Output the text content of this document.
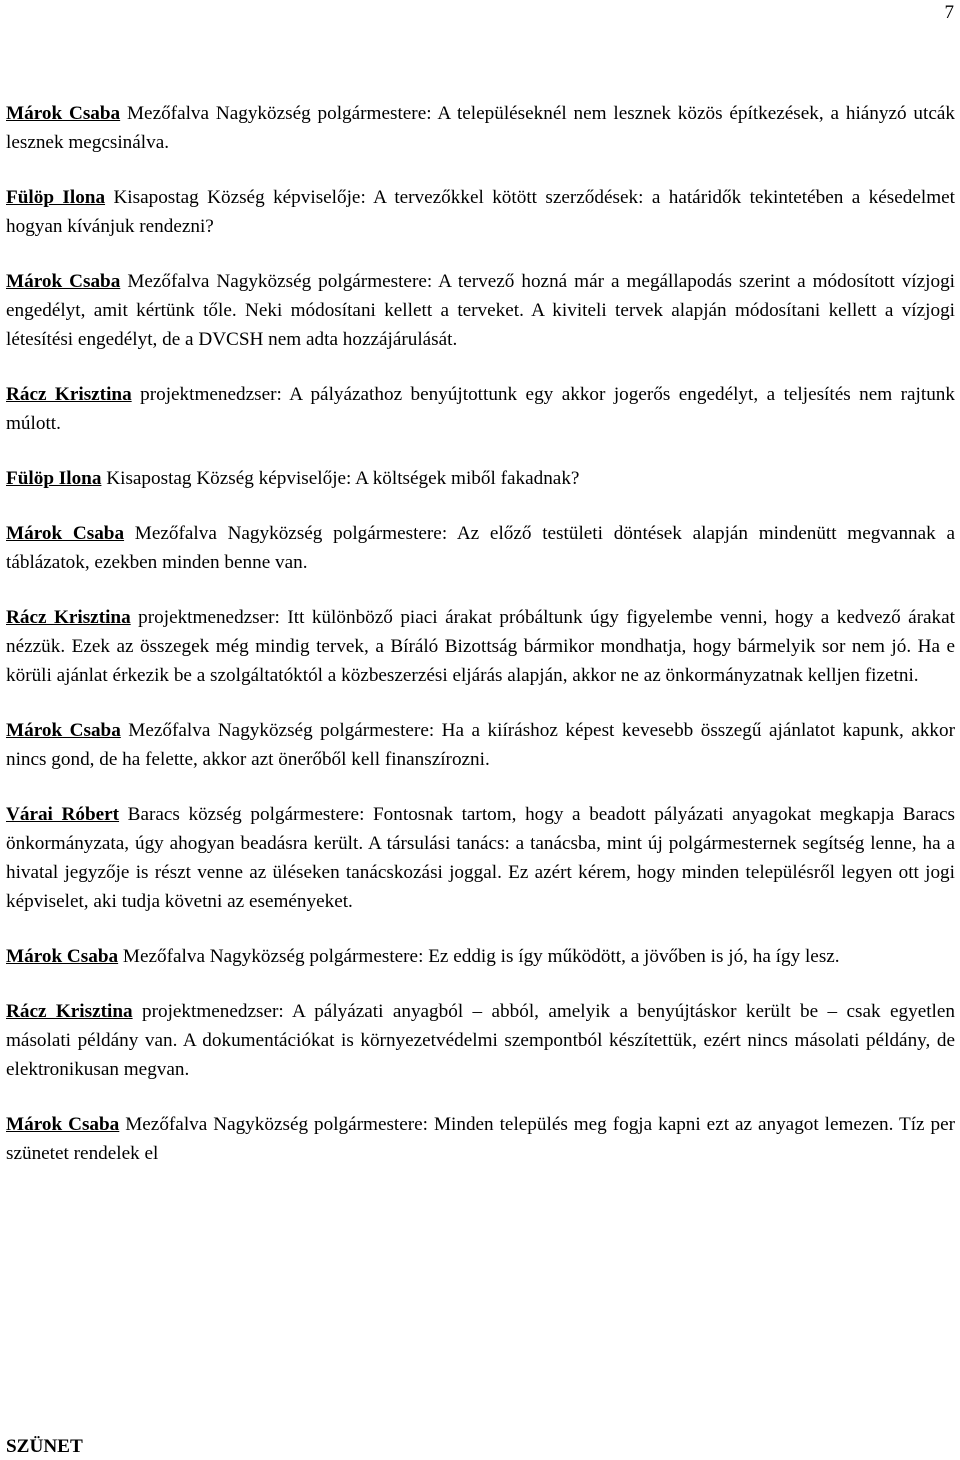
7

Márok Csaba Mezőfalva Nagyközség polgármestere: A településeknél nem lesznek közös építkezések, a hiányzó utcák lesznek megcsinálva.

Fülöp Ilona Kisapostag Község képviselője: A tervezőkkel kötött szerződések: a határidők tekintetében a késedelmet hogyan kívánjuk rendezni?

Márok Csaba Mezőfalva Nagyközség polgármestere: A tervező hozná már a megállapodás szerint a módosított vízjogi engedélyt, amit kértünk tőle. Neki módosítani kellett a terveket. A kiviteli tervek alapján módosítani kellett a vízjogi létesítési engedélyt, de a DVCSH nem adta hozzájárulását.

Rácz Krisztina projektmenedzser: A pályázathoz benyújtottunk egy akkor jogerős engedélyt, a teljesítés nem rajtunk múlott.

Fülöp Ilona Kisapostag Község képviselője: A költségek miből fakadnak?

Márok Csaba Mezőfalva Nagyközség polgármestere: Az előző testületi döntések alapján mindenütt megvannak a táblázatok, ezekben minden benne van.

Rácz Krisztina projektmenedzser: Itt különböző piaci árakat próbáltunk úgy figyelembe venni, hogy a kedvező árakat nézzük. Ezek az összegek még mindig tervek, a Bíráló Bizottság bármikor mondhatja, hogy bármelyik sor nem jó. Ha e körüli ajánlat érkezik be a szolgáltatóktól a közbeszerzési eljárás alapján, akkor ne az önkormányzatnak kelljen fizetni.

Márok Csaba Mezőfalva Nagyközség polgármestere: Ha a kiíráshoz képest kevesebb összegű ajánlatot kapunk, akkor nincs gond, de ha felette, akkor azt önerőből kell finanszírozni.

Várai Róbert Baracs község polgármestere: Fontosnak tartom, hogy a beadott pályázati anyagokat megkapja Baracs önkormányzata, úgy ahogyan beadásra került. A társulási tanács: a tanácsba, mint új polgármesternek segítség lenne, ha a hivatal jegyzője is részt venne az üléseken tanácskozási joggal. Ez azért kérem, hogy minden településről legyen ott jogi képviselet, aki tudja követni az eseményeket.

Márok Csaba Mezőfalva Nagyközség polgármestere: Ez eddig is így működött, a jövőben is jó, ha így lesz.

Rácz Krisztina projektmenedzser: A pályázati anyagból – abból, amelyik a benyújtáskor került be – csak egyetlen másolati példány van. A dokumentációkat is környezetvédelmi szempontból készítettük, ezért nincs másolati példány, de elektronikusan megvan.

Márok Csaba Mezőfalva Nagyközség polgármestere: Minden település meg fogja kapni ezt az anyagot lemezen. Tíz per szünetet rendelek el

SZÜNET
